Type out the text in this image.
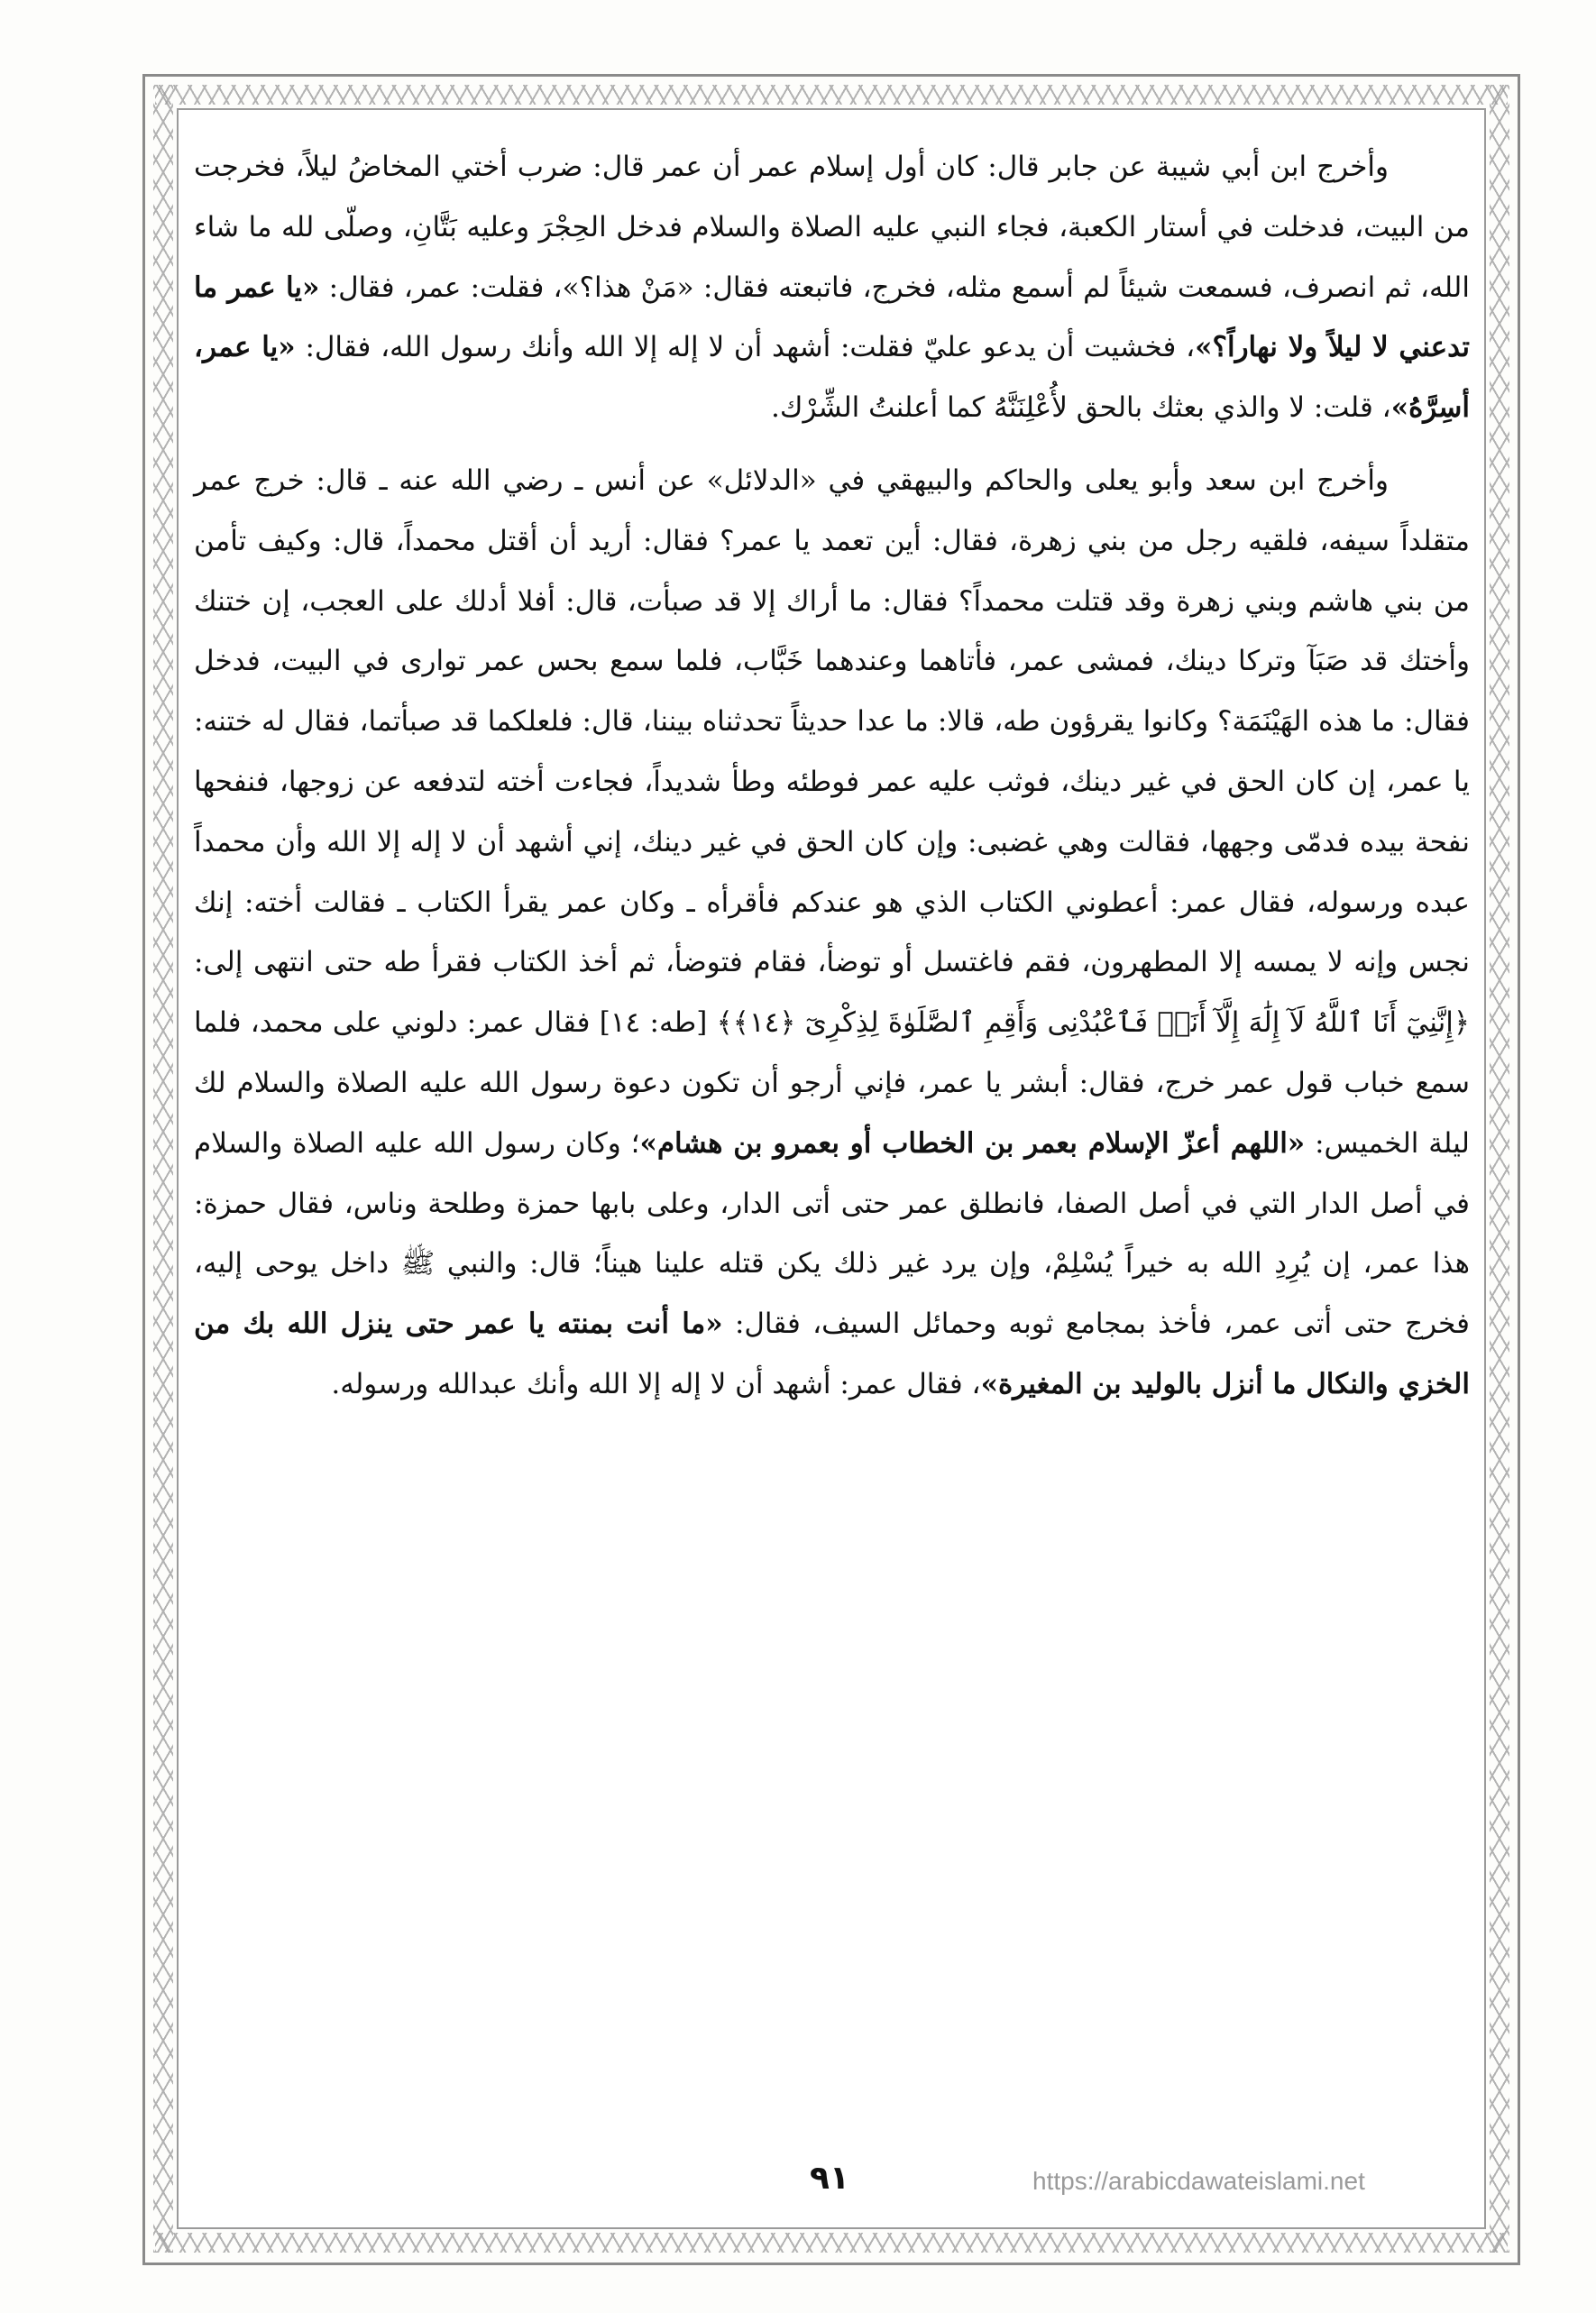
وأخرج ابن أبي شيبة عن جابر قال: كان أول إسلام عمر أن عمر قال: ضرب أختي المخاضُ ليلاً، فخرجت من البيت، فدخلت في أستار الكعبة، فجاء النبي عليه الصلاة والسلام فدخل الحِجْرَ وعليه بَتَّانِ، وصلّى لله ما شاء الله، ثم انصرف، فسمعت شيئاً لم أسمع مثله، فخرج، فاتبعته فقال: «مَنْ هذا؟»، فقلت: عمر، فقال: «يا عمر ما تدعني لا ليلاً ولا نهاراً؟»، فخشيت أن يدعو عليّ فقلت: أشهد أن لا إله إلا الله وأنك رسول الله، فقال: «يا عمر، أسِرَّهُ»، قلت: لا والذي بعثك بالحق لأُعْلِنَنَّهُ كما أعلنتُ الشِّرْك.

وأخرج ابن سعد وأبو يعلى والحاكم والبيهقي في «الدلائل» عن أنس ـ رضي الله عنه ـ قال: خرج عمر متقلداً سيفه، فلقيه رجل من بني زهرة، فقال: أين تعمد يا عمر؟ فقال: أريد أن أقتل محمداً، قال: وكيف تأمن من بني هاشم وبني زهرة وقد قتلت محمداً؟ فقال: ما أراك إلا قد صبأت، قال: أفلا أدلك على العجب، إن ختنك وأختك قد صَبَآ وتركا دينك، فمشى عمر، فأتاهما وعندهما خَبَّاب، فلما سمع بحس عمر توارى في البيت، فدخل فقال: ما هذه الهَيْنَمَة؟ وكانوا يقرؤون طه، قالا: ما عدا حديثاً تحدثناه بيننا، قال: فلعلكما قد صبأتما، فقال له ختنه: يا عمر، إن كان الحق في غير دينك، فوثب عليه عمر فوطئه وطأ شديداً، فجاءت أخته لتدفعه عن زوجها، فنفحها نفحة بيده فدمّى وجهها، فقالت وهي غضبى: وإن كان الحق في غير دينك، إني أشهد أن لا إله إلا الله وأن محمداً عبده ورسوله، فقال عمر: أعطوني الكتاب الذي هو عندكم فأقرأه ـ وكان عمر يقرأ الكتاب ـ فقالت أخته: إنك نجس وإنه لا يمسه إلا المطهرون، فقم فاغتسل أو توضأ، فقام فتوضأ، ثم أخذ الكتاب فقرأ طه حتى انتهى إلى: ﴿إِنَّنِيٓ أَنَا ٱللَّهُ لَآ إِلَٰهَ إِلَّآ أَنَا۠ فَٱعْبُدْنِى وَأَقِمِ ٱلصَّلَوٰةَ لِذِكْرِىٓ ﴿١٤﴾﴾ [طه: ١٤] فقال عمر: دلوني على محمد، فلما سمع خباب قول عمر خرج، فقال: أبشر يا عمر، فإني أرجو أن تكون دعوة رسول الله عليه الصلاة والسلام لك ليلة الخميس: «اللهم أعزّ الإسلام بعمر بن الخطاب أو بعمرو بن هشام»؛ وكان رسول الله عليه الصلاة والسلام في أصل الدار التي في أصل الصفا، فانطلق عمر حتى أتى الدار، وعلى بابها حمزة وطلحة وناس، فقال حمزة: هذا عمر، إن يُرِدِ الله به خيراً يُسْلِمْ، وإن يرد غير ذلك يكن قتله علينا هيناً؛ قال: والنبي ﷺ داخل يوحى إليه، فخرج حتى أتى عمر، فأخذ بمجامع ثوبه وحمائل السيف، فقال: «ما أنت بمنته يا عمر حتى ينزل الله بك من الخزي والنكال ما أنزل بالوليد بن المغيرة»، فقال عمر: أشهد أن لا إله إلا الله وأنك عبدالله ورسوله.

٩١	https://arabicdawateislami.net
